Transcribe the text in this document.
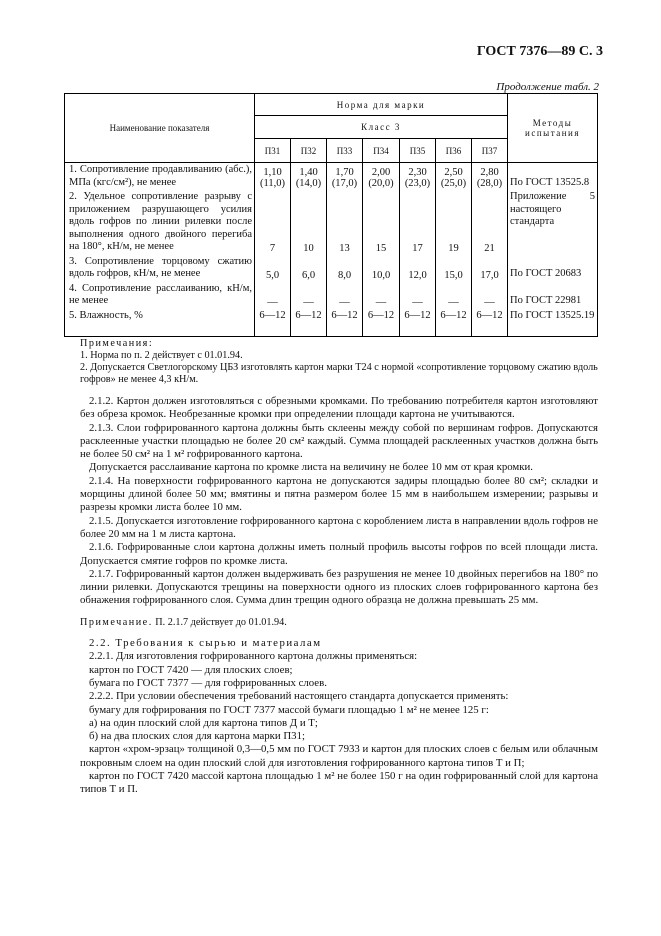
ГОСТ 7376—89 С. 3
Продолжение табл. 2
Наименование показателя	Норма для марки							Методы испытания
	Класс 3							
	П31	П32	П33	П34	П35	П36	П37	
1. Сопротивление продавливанию (абс.), МПа (кгс/см²), не менее	1,10 (11,0)	1,40 (14,0)	1,70 (17,0)	2,00 (20,0)	2,30 (23,0)	2,50 (25,0)	2,80 (28,0)	По ГОСТ 13525.8
2. Удельное сопротивление разрыву с приложением разрушающего усилия вдоль гофров по линии рилевки после выполнения одного двойного перегиба на 180°, кН/м, не менее	7	10	13	15	17	19	21	Приложение 5 настоящего стандарта
3. Сопротивление торцовому сжатию вдоль гофров, кН/м, не менее	5,0	6,0	8,0	10,0	12,0	15,0	17,0	По ГОСТ 20683
4. Сопротивление расслаиванию, кН/м, не менее	—	—	—	—	—	—	—	По ГОСТ 22981
5. Влажность, %	6—12	6—12	6—12	6—12	6—12	6—12	6—12	По ГОСТ 13525.19

Примечания:

1. Норма по п. 2 действует с 01.01.94.

2. Допускается Светлогорскому ЦБЗ изготовлять картон марки Т24 с нормой «сопротивление торцовому сжатию вдоль гофров» не менее 4,3 кН/м.

2.1.2. Картон должен изготовляться с обрезными кромками. По требованию потребителя картон изготовляют без обреза кромок. Необрезанные кромки при определении площади картона не учитываются.

2.1.3. Слои гофрированного картона должны быть склеены между собой по вершинам гофров. Допускаются расклеенные участки площадью не более 20 см² каждый. Сумма площадей расклеенных участков должна быть не более 50 см² на 1 м² гофрированного картона.

Допускается расслаивание картона по кромке листа на величину не более 10 мм от края кромки.

2.1.4. На поверхности гофрированного картона не допускаются задиры площадью более 80 см²; складки и морщины длиной более 50 мм; вмятины и пятна размером более 15 мм в наибольшем измерении; разрывы и разрезы кромки листа более 10 мм.

2.1.5. Допускается изготовление гофрированного картона с короблением листа в направлении вдоль гофров не более 20 мм на 1 м листа картона.

2.1.6. Гофрированные слои картона должны иметь полный профиль высоты гофров по всей площади листа. Допускается смятие гофров по кромке листа.

2.1.7. Гофрированный картон должен выдерживать без разрушения не менее 10 двойных перегибов на 180° по линии рилевки. Допускаются трещины на поверхности одного из плоских слоев гофрированного картона без обнажения гофрированного слоя. Сумма длин трещин одного образца не должна превышать 25 мм.

Примечание. П. 2.1.7 действует до 01.01.94.

2.2. Требования к сырью и материалам

2.2.1. Для изготовления гофрированного картона должны применяться:

картон по ГОСТ 7420 — для плоских слоев;

бумага по ГОСТ 7377 — для гофрированных слоев.

2.2.2. При условии обеспечения требований настоящего стандарта допускается применять:

бумагу для гофрирования по ГОСТ 7377 массой бумаги площадью 1 м² не менее 125 г:

а) на один плоский слой для картона типов Д и Т;

б) на два плоских слоя для картона марки П31;

картон «хром-эрзац» толщиной 0,3—0,5 мм по ГОСТ 7933 и картон для плоских слоев с белым или облачным покровным слоем на один плоский слой для изготовления гофрированного картона типов Т и П;

картон по ГОСТ 7420 массой картона площадью 1 м² не более 150 г на один гофрированный слой для картона типов Т и П.
